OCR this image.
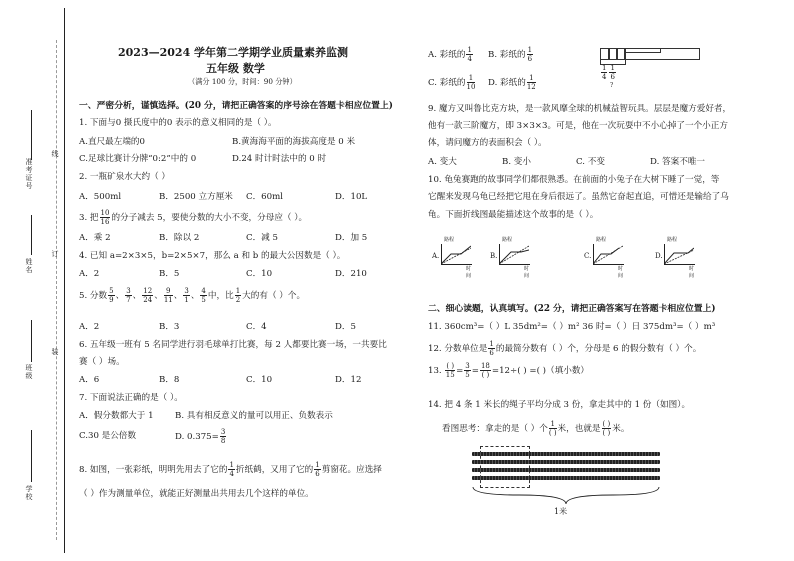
准考证号
姓名
班级
学校
线
订
装
2023—2024 学年第二学期学业质量素养监测
五年级 数学
（满分 100 分，时间：90 分钟）
一、严密分析，谨慎选择。(20 分，请把正确答案的序号涂在答题卡相应位置上)
1. 下面与0 摄氏度中的0 表示的意义相同的是（ ）。
A.直尺最左端的0	B.黄海海平面的海拔高度是 0 米
C.足球比赛计分牌“0:2”中的 0	D.24 时计时法中的 0 时
2. 一瓶矿泉水大约（ ）
A．500ml	B．2500 立方厘米 C．60ml	D．10L
3. 把 $\frac{10}{16}$ 的分子减去 5，要使分数的大小不变，分母应（ ）。
A．乘 2	B．除以 2	C．减 5	D．加 5
4. 已知 a=2×3×5，b=2×5×7，那么 a 和 b 的最大公因数是（ ）。
A．2	B．5	C．10	D．210
5. 分数 $\frac{5}{9}$ 、 $\frac{3}{7}$ 、 $\frac{12}{24}$ 、 $\frac{9}{11}$ 、 $\frac{3}{1}$ 、 $\frac{4}{5}$ 中，比 $\frac{1}{2}$ 大的有（ ）个。
A．2	B．3	C．4	D．5
6. 五年级一班有 5 名同学进行羽毛球单打比赛，每 2 人都要比赛一场，一共要比
赛（ ）场。
A．6	B．8	C．10	D．12
7. 下面说法正确的是（ ）。
A．假分数都大于 1 B. 具有相反意义的量可以用正、负数表示
C.30 是公倍数	D. $0.375= \frac{3}{8}$
8. 如图，一张彩纸，明明先用去了它的 $\frac{1}{4}$ 折纸鹤，又用了它的 $\frac{1}{6}$ 剪窗花。应选择
（ ）作为测量单位，就能正好测量出共用去几个这样的单位。
A. 彩纸的 $\frac{1}{4} B$. 彩纸的 $\frac{1}{6}$
C. 彩纸的 $\frac{1}{10} D$. 彩纸的 $\frac{1}{12}$
$\frac{1}{4} \frac{1}{6}$
?
9. 魔方又叫鲁比克方块，是一款风靡全球的机械益智玩具。层层是魔方爱好者，
他有一款三阶魔方，即 3×3×3。可是，他在一次玩耍中不小心掉了一个小正方
体，请问魔方的表面积会（ ）。
A. 变大	B. 变小	C. 不变	D. 答案不唯一
10. 龟兔赛跑的故事同学们都很熟悉。在前面的小兔子在大树下睡了一觉，等
它醒来发现乌龟已经把它甩在身后很远了。虽然它奋起直追，可惜还是输给了乌
龟。下面折线图最能描述这个故事的是（ ）。
路程
A.
时间
路程
B.
时间
路程
C.
时间
路程
D.
时间
二、细心读题，认真填写。(22 分，请把正确答案写在答题卡相应位置上)
11. 360cm³=（ ）L 35dm²=（ ）m² 36 时=（ ）日 375dm³=（ ）m³
12. 分数单位是 $\frac{1}{6}$ 的最简分数有（ ）个，分母是 6 的假分数有（ ）个。
13. $\frac{( )}{15} = \frac{3}{5} = \frac{18}{( )} =12\div$( ) =( )（填小数）
14. 把 4 条 1 米长的绳子平均分成 3 份，拿走其中的 1 份（如图）。
看图思考：拿走的是（ ）个 $\frac{1}{( )}$ 米，也就是 $\frac{( )}{( )}$ 米。
1米
